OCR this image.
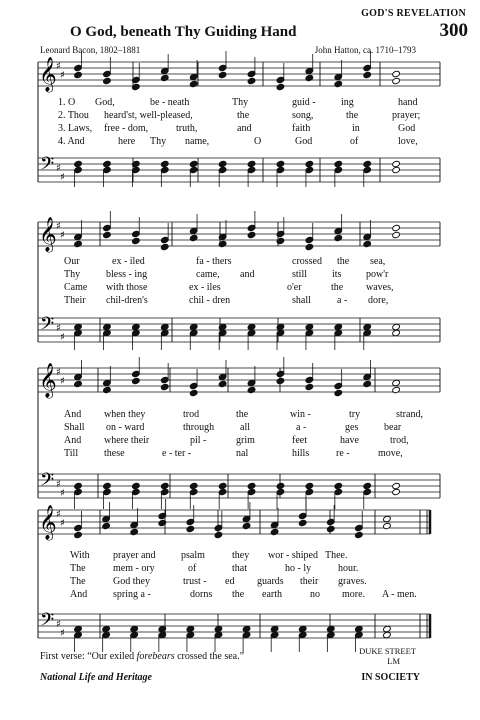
GOD'S REVELATION
300
O God, beneath Thy Guiding Hand
Leonard Bacon, 1802–1881	John Hatton, ca. 1710–1793
𝄞
𝄢
♯
♯
♯
♯
𝄞
𝄢
♯
♯
♯
♯
𝄞
𝄢
♯
♯
♯
♯
𝄞
𝄢
♯
♯
♯
♯
1. O God,	be - neath	Thy	guid -	ing	hand
2. Thou heard'st, well-pleased,	the	song,	the	prayer;
3. Laws, free - dom,	truth,	and	faith	in	God
4. And	here Thy name,	O	God	of	love,
Our	ex - iled	fa - thers	crossed the sea,
Thy	bless - ing	came, and	still its pow'r
Came with those	ex - iles	o'er	the waves,
Their chil-dren's	chil - dren	shall	a - dore,
And when they	trod	the	win -	try	strand,
Shall on - ward	through	all	a -	ges	bear
And where their	pil -	grim	feet	have	trod,
Till	these	e - ter -	nal	hills	re -	move,
With prayer and	psalm	they wor - shiped Thee.
The	mem - ory	of	that	ho - ly	hour.
The	God they	trust - ed guards their graves.
And	spring a -	dorns the earth	no more. A - men.
First verse: “Our exiled forebears crossed the sea.”	DUKE STREET
LM
National Life and Heritage	IN SOCIETY
